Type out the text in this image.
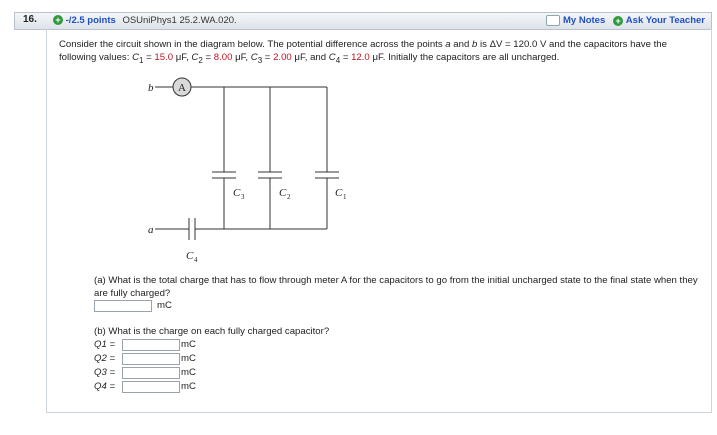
16. + -/2.5 points OSUniPhys1 25.2.WA.020.	My Notes + Ask Your Teacher
Consider the circuit shown in the diagram below. The potential difference across the points a and b is ΔV = 120.0 V and the capacitors have the following values: $C_1 = 15.0$ μF, $C_2 = 8.00$ μF, $C_3 = 2.00$ μF, and $C_4 = 12.0$ μF. Initially the capacitors are all uncharged.
b A
a
C 3	C 2	C 1
C 4
(a) What is the total charge that has to flow through meter A for the capacitors to go from the initial uncharged state to the final state when they are fully charged?
mC
(b) What is the charge on each fully charged capacitor?
Q1 =	mC
Q2 =	mC
Q3 =	mC
Q4 =	mC
